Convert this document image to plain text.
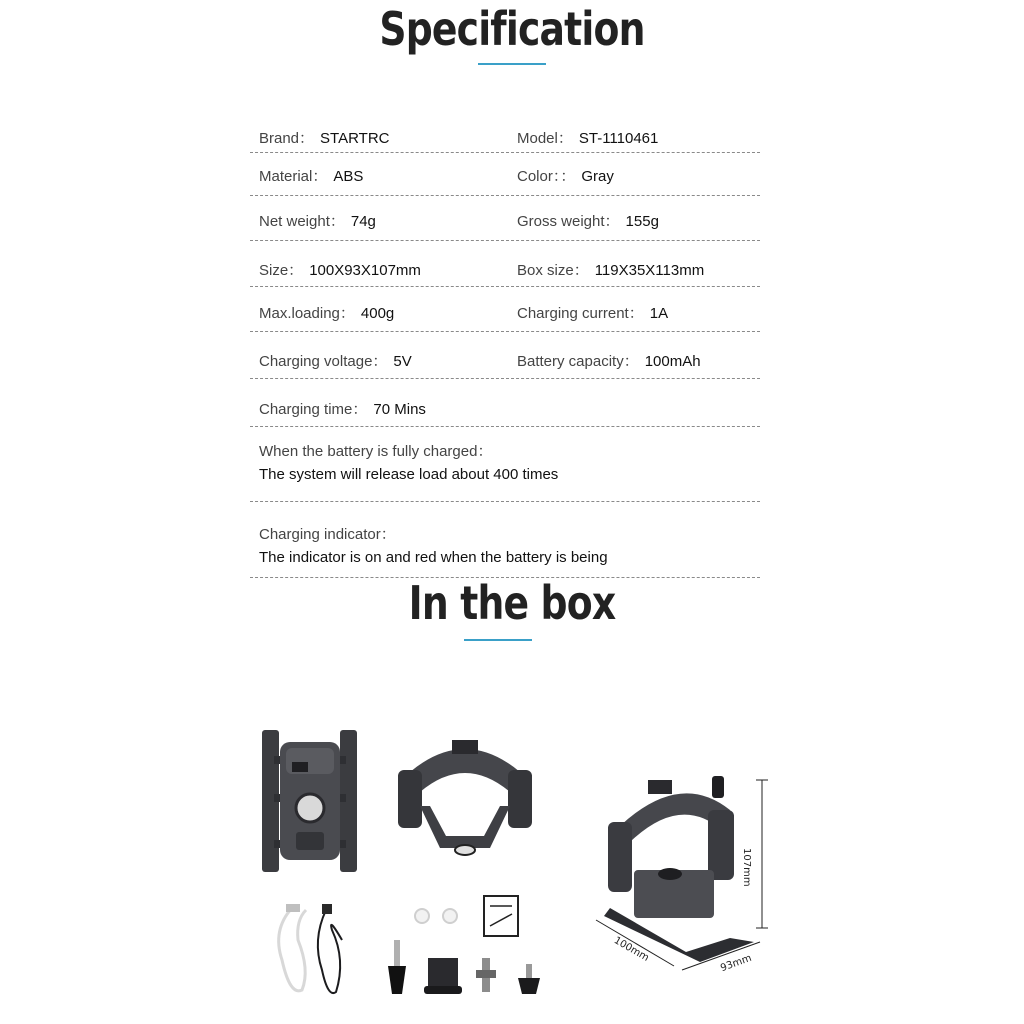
Specification
Brand： STARTRC	Model： ST-1110461
Material： ABS	Color：： Gray
Net weight： 74g	Gross weight： 155g
Size： 100X93X107mm	Box size： 119X35X113mm
Max.loading： 400g	Charging current： 1A
Charging voltage： 5V	Battery capacity： 100mAh
Charging time： 70 Mins
When the battery is fully charged：
The system will release load about 400 times
Charging indicator：
The indicator is on and red when the battery is being
In the box
107mm
100mm	93mm
